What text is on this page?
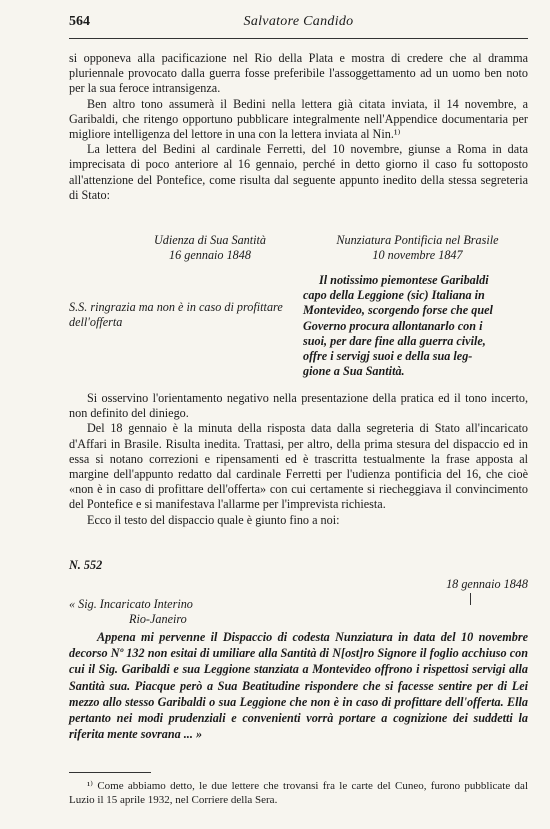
564	Salvatore Candido

si opponeva alla pacificazione nel Rio della Plata e mostra di credere che al dramma pluriennale provocato dalla guerra fosse preferibile l'assoggettamento ad un uomo ben noto per la sua feroce intransigenza.

Ben altro tono assumerà il Bedini nella lettera già citata inviata, il 14 novembre, a Garibaldi, che ritengo opportuno pubblicare integralmente nell'Appendice documentaria per migliore intelligenza del lettore in una con la lettera inviata al Nin.¹⁾

La lettera del Bedini al cardinale Ferretti, del 10 novembre, giunse a Roma in data imprecisata di poco anteriore al 16 gennaio, perché in detto giorno il caso fu sottoposto all'attenzione del Pontefice, come risulta dal seguente appunto inedito della stessa segreteria di Stato:

Udienza di Sua Santità
16 gennaio 1848
Nunziatura Pontificia nel Brasile
10 novembre 1847
S.S. ringrazia ma non è in caso di profittare dell'offerta
Il notissimo piemontese Garibaldi
capo della Leggione (sic) Italiana in
Montevideo, scorgendo forse che quel
Governo procura allontanarlo con i
suoi, per dare fine alla guerra civile,
offre i servigj suoi e della sua leg-
gione a Sua Santità.

Si osservino l'orientamento negativo nella presentazione della pratica ed il tono incerto, non definito del diniego.

Del 18 gennaio è la minuta della risposta data dalla segreteria di Stato all'incaricato d'Affari in Brasile. Risulta inedita. Trattasi, per altro, della prima stesura del dispaccio ed in essa si notano correzioni e ripensamenti ed è trascritta testualmente la frase apposta al margine dell'appunto redatto dal cardinale Ferretti per l'udienza pontificia del 16, che cioè «non è in caso di profittare dell'offerta» con cui certamente si riecheggiava il convincimento del Pontefice e si manifestava l'allarme per l'imprevista richiesta.

Ecco il testo del dispaccio quale è giunto fino a noi:

N. 552
18 gennaio 1848
« Sig. Incaricato Interino
Rio-Janeiro

Appena mi pervenne il Dispaccio di codesta Nunziatura in data del 10 novembre decorso Nº 132 non esitai di umiliare alla Santità di N[ost]ro Signore il foglio acchiuso con cui il Sig. Garibaldi e sua Leggione stanziata a Montevideo offrono i rispettosi servigi alla Santità sua. Piacque però a Sua Beatitudine rispondere che si facesse sentire per di Lei mezzo allo stesso Garibaldi o sua Leggione che non è in caso di profittare dell'offerta. Ella pertanto nei modi prudenziali e convenienti vorrà portare a cognizione dei suddetti la riferita mente sovrana ... »

¹⁾ Come abbiamo detto, le due lettere che trovansi fra le carte del Cuneo, furono pubblicate dal Luzio il 15 aprile 1932, nel Corriere della Sera.
